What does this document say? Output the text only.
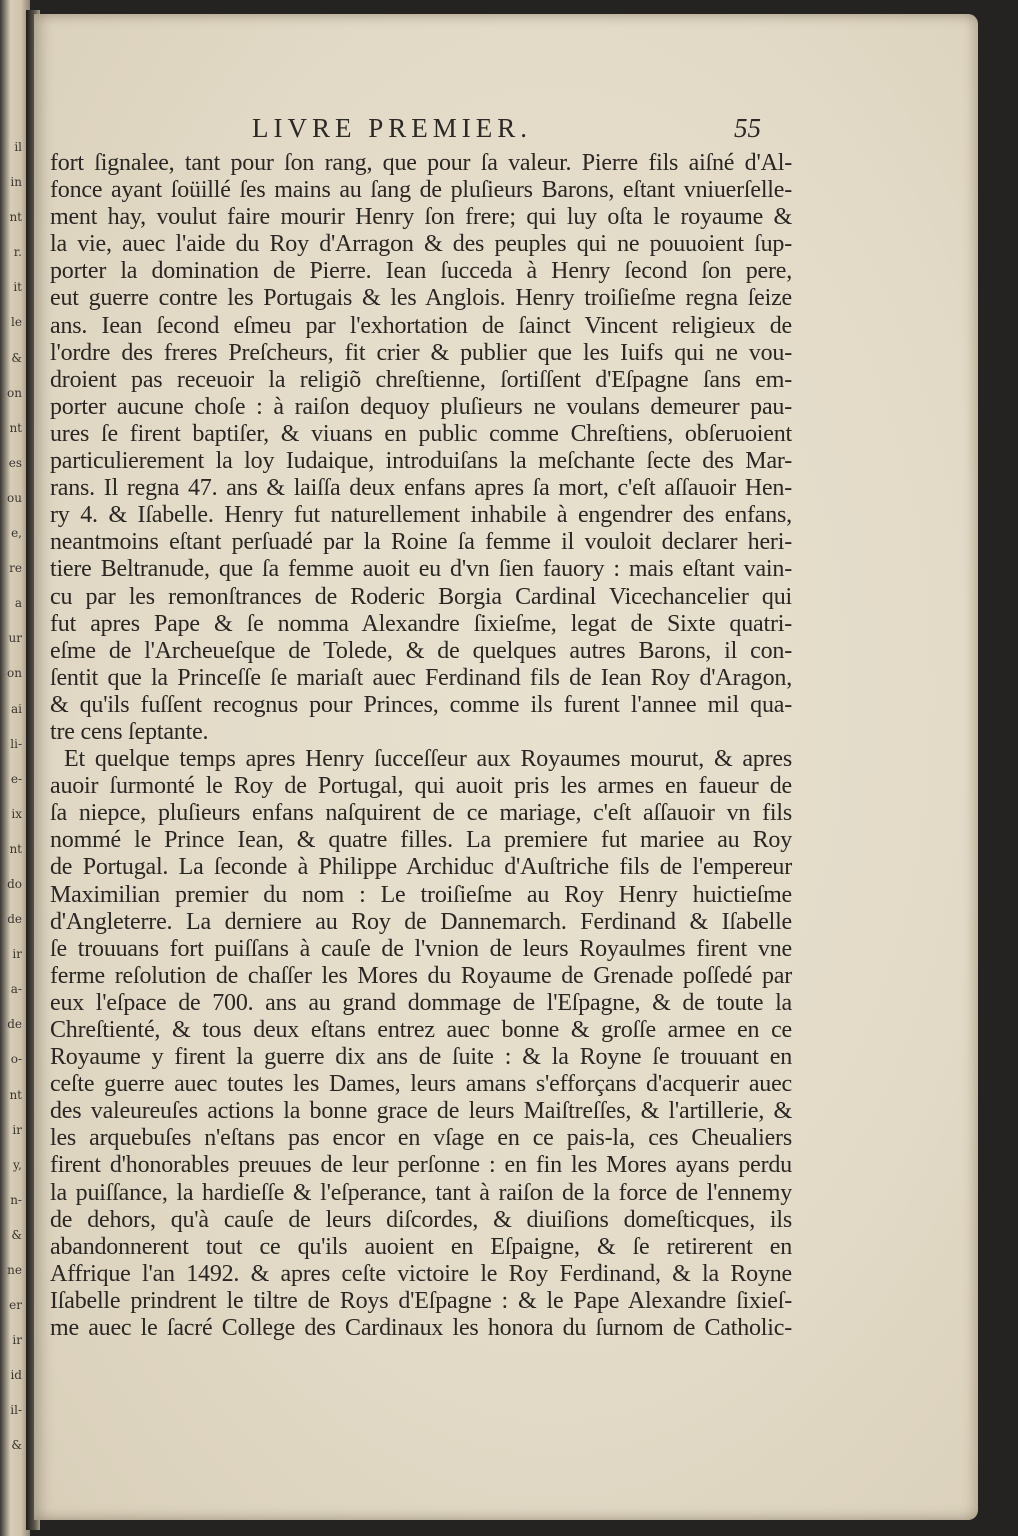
il
in
nt
r.
it
le
&
on
nt
es
ou
e,
re
a
ur
on
ai
li-
e-
ix
nt
do
de
ir
a-
de
o-
nt
ir
y,
n-
&
ne
er
ir
id
il-
&
LIVRE PREMIER.	55
fort ſignalee, tant pour ſon rang, que pour ſa valeur. Pierre fils aiſné d'Al-
fonce ayant ſoüillé ſes mains au ſang de pluſieurs Barons, eſtant vniuerſelle-
ment hay, voulut faire mourir Henry ſon frere; qui luy oſta le royaume &
la vie, auec l'aide du Roy d'Arragon & des peuples qui ne pouuoient ſup-
porter la domination de Pierre. Iean ſucceda à Henry ſecond ſon pere,
eut guerre contre les Portugais & les Anglois. Henry troiſieſme regna ſeize
ans. Iean ſecond eſmeu par l'exhortation de ſainct Vincent religieux de
l'ordre des freres Preſcheurs, fit crier & publier que les Iuifs qui ne vou-
droient pas receuoir la religiõ chreſtienne, ſortiſſent d'Eſpagne ſans em-
porter aucune choſe : à raiſon dequoy pluſieurs ne voulans demeurer pau-
ures ſe firent baptiſer, & viuans en public comme Chreſtiens, obſeruoient
particulierement la loy Iudaique, introduiſans la meſchante ſecte des Mar-
rans. Il regna 47. ans & laiſſa deux enfans apres ſa mort, c'eſt aſſauoir Hen-
ry 4. & Iſabelle. Henry fut naturellement inhabile à engendrer des enfans,
neantmoins eſtant perſuadé par la Roine ſa femme il vouloit declarer heri-
tiere Beltranude, que ſa femme auoit eu d'vn ſien fauory : mais eſtant vain-
cu par les remonſtrances de Roderic Borgia Cardinal Vicechancelier qui
fut apres Pape & ſe nomma Alexandre ſixieſme, legat de Sixte quatri-
eſme de l'Archeueſque de Tolede, & de quelques autres Barons, il con-
ſentit que la Princeſſe ſe mariaſt auec Ferdinand fils de Iean Roy d'Aragon,
& qu'ils fuſſent recognus pour Princes, comme ils furent l'annee mil qua-
tre cens ſeptante.
Et quelque temps apres Henry ſucceſſeur aux Royaumes mourut, & apres
auoir ſurmonté le Roy de Portugal, qui auoit pris les armes en faueur de
ſa niepce, pluſieurs enfans naſquirent de ce mariage, c'eſt aſſauoir vn fils
nommé le Prince Iean, & quatre filles. La premiere fut mariee au Roy
de Portugal. La ſeconde à Philippe Archiduc d'Auſtriche fils de l'empereur
Maximilian premier du nom : Le troiſieſme au Roy Henry huictieſme
d'Angleterre. La derniere au Roy de Dannemarch. Ferdinand & Iſabelle
ſe trouuans fort puiſſans à cauſe de l'vnion de leurs Royaulmes firent vne
ferme reſolution de chaſſer les Mores du Royaume de Grenade poſſedé par
eux l'eſpace de 700. ans au grand dommage de l'Eſpagne, & de toute la
Chreſtienté, & tous deux eſtans entrez auec bonne & groſſe armee en ce
Royaume y firent la guerre dix ans de ſuite : & la Royne ſe trouuant en
ceſte guerre auec toutes les Dames, leurs amans s'efforçans d'acquerir auec
des valeureuſes actions la bonne grace de leurs Maiſtreſſes, & l'artillerie, &
les arquebuſes n'eſtans pas encor en vſage en ce pais-la, ces Cheualiers
firent d'honorables preuues de leur perſonne : en fin les Mores ayans perdu
la puiſſance, la hardieſſe & l'eſperance, tant à raiſon de la force de l'ennemy
de dehors, qu'à cauſe de leurs diſcordes, & diuiſions domeſticques, ils
abandonnerent tout ce qu'ils auoient en Eſpaigne, & ſe retirerent en
Affrique l'an 1492. & apres ceſte victoire le Roy Ferdinand, & la Royne
Iſabelle prindrent le tiltre de Roys d'Eſpagne : & le Pape Alexandre ſixieſ-
me auec le ſacré College des Cardinaux les honora du ſurnom de Catholic-
